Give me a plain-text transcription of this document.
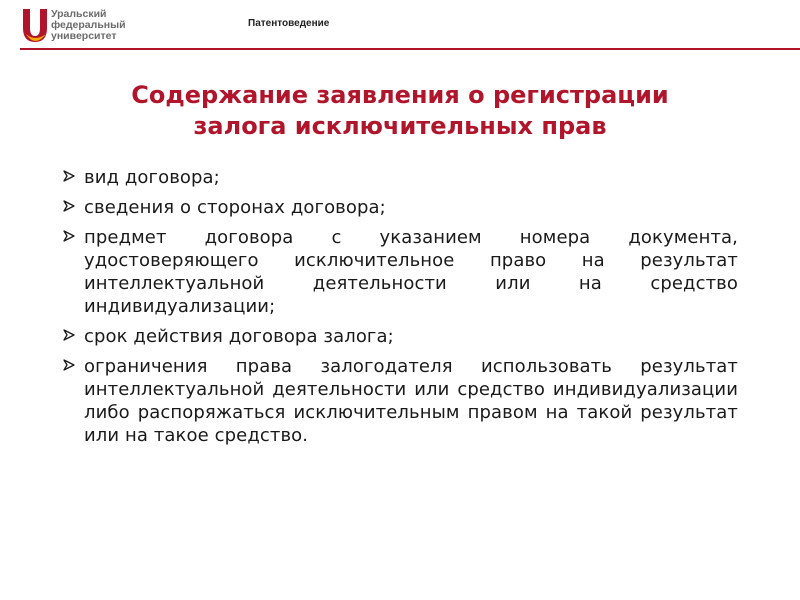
Уральский
федеральный
университет
Патентоведение
Содержание заявления о регистрации
залога исключительных прав
вид договора;
сведения о сторонах договора;
предмет договора с указанием номера документа, удостоверяющего исключительное право на результат интеллектуальной деятельности или на средство индивидуализации;
срок действия договора залога;
ограничения права залогодателя использовать результат интеллектуальной деятельности или средство индивидуализации либо распоряжаться исключительным правом на такой результат или на такое средство.
